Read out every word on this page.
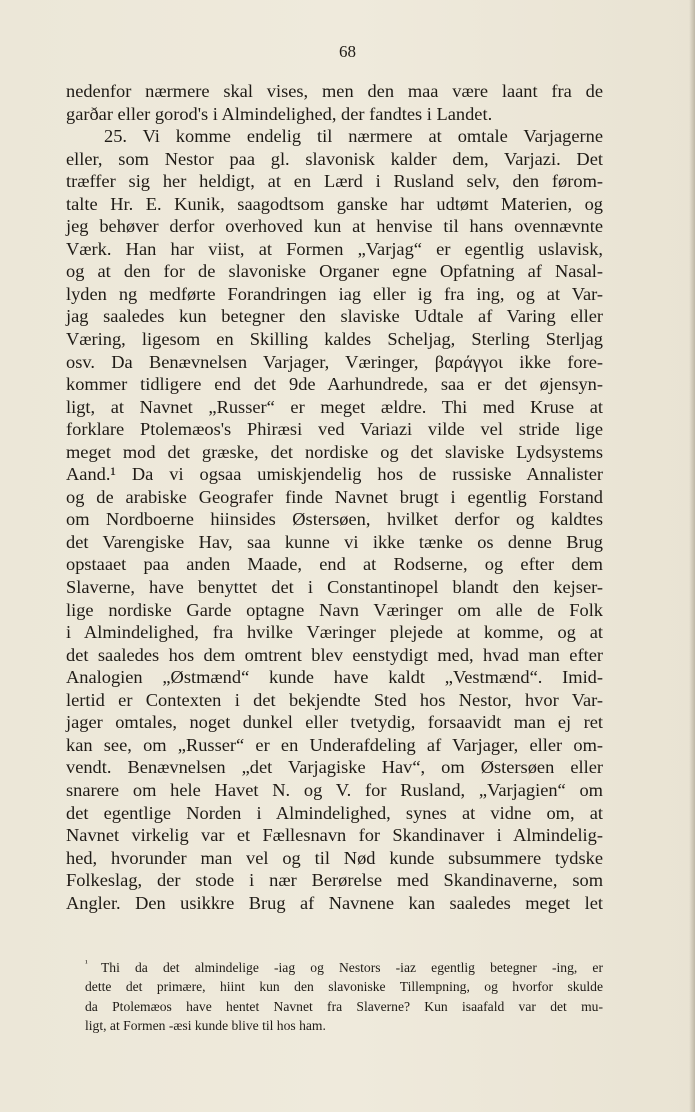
68
nedenfor nærmere skal vises, men den maa være laant fra de
garðar eller gorod's i Almindelighed, der fandtes i Landet.
25. Vi komme endelig til nærmere at omtale Varjagerne
eller, som Nestor paa gl. slavonisk kalder dem, Varjazi. Det
træffer sig her heldigt, at en Lærd i Rusland selv, den førom-
talte Hr. E. Kunik, saagodtsom ganske har udtømt Materien, og
jeg behøver derfor overhoved kun at henvise til hans ovennævnte
Værk. Han har viist, at Formen „Varjag“ er egentlig uslavisk,
og at den for de slavoniske Organer egne Opfatning af Nasal-
lyden ng medførte Forandringen iag eller ig fra ing, og at Var-
jag saaledes kun betegner den slaviske Udtale af Varing eller
Væring, ligesom en Skilling kaldes Scheljag, Sterling Sterljag
osv. Da Benævnelsen Varjager, Væringer, βαράγγοι ikke fore-
kommer tidligere end det 9de Aarhundrede, saa er det øjensyn-
ligt, at Navnet „Russer“ er meget ældre. Thi med Kruse at
forklare Ptolemæos's Phiræsi ved Variazi vilde vel stride lige
meget mod det græske, det nordiske og det slaviske Lydsystems
Aand.¹ Da vi ogsaa umiskjendelig hos de russiske Annalister
og de arabiske Geografer finde Navnet brugt i egentlig Forstand
om Nordboerne hiinsides Østersøen, hvilket derfor og kaldtes
det Varengiske Hav, saa kunne vi ikke tænke os denne Brug
opstaaet paa anden Maade, end at Rodserne, og efter dem
Slaverne, have benyttet det i Constantinopel blandt den kejser-
lige nordiske Garde optagne Navn Væringer om alle de Folk
i Almindelighed, fra hvilke Væringer plejede at komme, og at
det saaledes hos dem omtrent blev eenstydigt med, hvad man efter
Analogien „Østmænd“ kunde have kaldt „Vestmænd“. Imid-
lertid er Contexten i det bekjendte Sted hos Nestor, hvor Var-
jager omtales, noget dunkel eller tvetydig, forsaavidt man ej ret
kan see, om „Russer“ er en Underafdeling af Varjager, eller om-
vendt. Benævnelsen „det Varjagiske Hav“, om Østersøen eller
snarere om hele Havet N. og V. for Rusland, „Varjagien“ om
det egentlige Norden i Almindelighed, synes at vidne om, at
Navnet virkelig var et Fællesnavn for Skandinaver i Almindelig-
hed, hvorunder man vel og til Nød kunde subsummere tydske
Folkeslag, der stode i nær Berørelse med Skandinaverne, som
Angler. Den usikkre Brug af Navnene kan saaledes meget let
¹ Thi da det almindelige -iag og Nestors -iaz egentlig betegner -ing, er
dette det primære, hiint kun den slavoniske Tillempning, og hvorfor skulde
da Ptolemæos have hentet Navnet fra Slaverne? Kun isaafald var det mu-
ligt, at Formen -æsi kunde blive til hos ham.
